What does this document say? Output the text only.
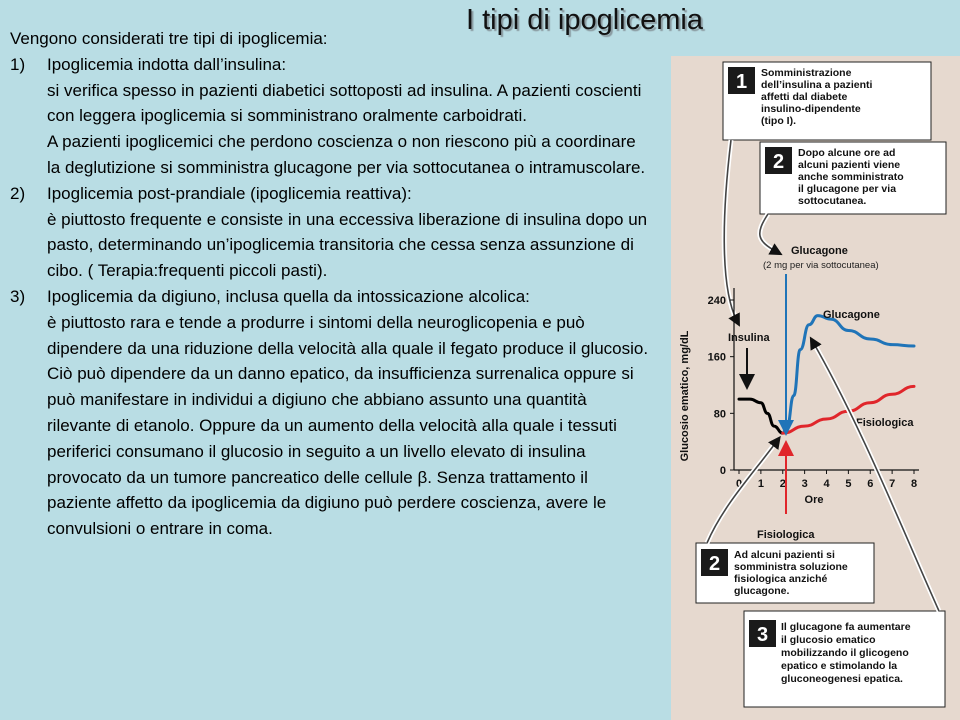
I tipi di ipoglicemia

Vengono considerati tre tipi di ipoglicemia:

1) Ipoglicemia indotta dall’insulina:

si verifica spesso in pazienti diabetici sottoposti ad insulina. A pazienti coscienti con leggera ipoglicemia si somministrano oralmente carboidrati.

A pazienti ipoglicemici che perdono coscienza o non riescono più a coordinare la deglutizione si somministra glucagone per via sottocutanea o intramuscolare.

2) Ipoglicemia post-prandiale (ipoglicemia reattiva):

è piuttosto frequente e consiste in una eccessiva liberazione di insulina dopo un pasto, determinando un’ipoglicemia transitoria che cessa senza assunzione di cibo. ( Terapia:frequenti piccoli pasti).

3) Ipoglicemia da digiuno, inclusa quella da intossicazione alcolica:

è piuttosto rara e tende a produrre i sintomi della neuroglicopenia e può dipendere da una riduzione della velocità alla quale il fegato produce il glucosio. Ciò può dipendere da un danno epatico, da insufficienza surrenalica oppure si può manifestare in individui a digiuno che abbiano assunto una quantità rilevante di etanolo. Oppure da un aumento della velocità alla quale i tessuti periferici consumano il glucosio in seguito a un livello elevato di insulina provocato da un tumore pancreatico delle cellule β. Senza trattamento il paziente affetto da ipoglicemia da digiuno può perdere coscienza, avere le convulsioni o entrare in coma.

1 Somministrazione
dell’insulina a pazienti
affetti dal diabete
insulino-dipendente
(tipo I).
2 Dopo alcune ore ad
alcuni pazienti viene
anche somministrato
il glucagone per via
sottocutanea.
Glucagone
(2 mg per via sottocutanea)
0 1 2 3 4 5 6 7 8
0
80
160
240
Glucosio ematico, mg/dL
Ore
Insulina
Glucagone
Fisiologica
Fisiologica
2 Ad alcuni pazienti si
somministra soluzione
fisiologica anziché
glucagone.
3 Il glucagone fa aumentare
il glucosio ematico
mobilizzando il glicogeno
epatico e stimolando la
gluconeogenesi epatica.
